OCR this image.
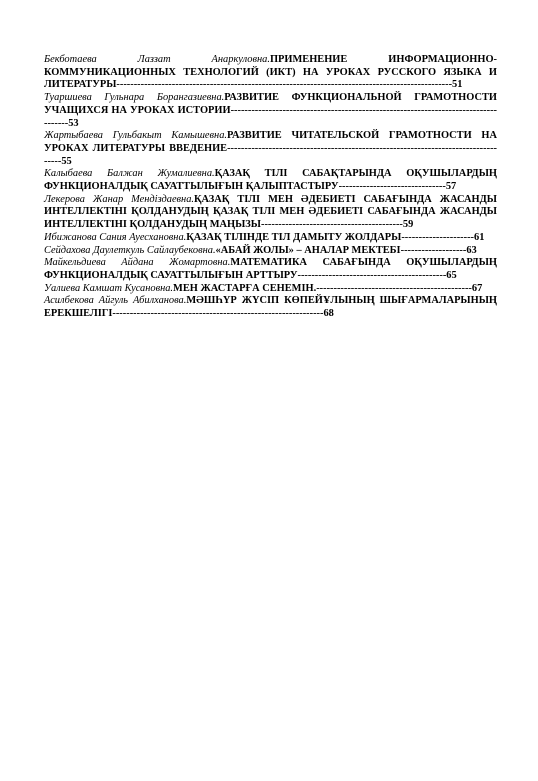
Бекботаева Лаззат Анаркуловна.ПРИМЕНЕНИЕ ИНФОРМАЦИОННО-КОММУНИКАЦИОННЫХ ТЕХНОЛОГИЙ (ИКТ) НА УРОКАХ РУССКОГО ЯЗЫКА И ЛИТЕРАТУРЫ-------------------------------------------------------------------------------------------------51

Туаршиева Гульнара Борангазиевна.РАЗВИТИЕ ФУНКЦИОНАЛЬНОЙ ГРАМОТНОСТИ УЧАЩИХСЯ НА УРОКАХ ИСТОРИИ------------------------------------------------------------------------------------53

Жартыбаева Гульбакыт Камышевна.РАЗВИТИЕ ЧИТАТЕЛЬСКОЙ ГРАМОТНОСТИ НА УРОКАХ ЛИТЕРАТУРЫ ВВЕДЕНИЕ-----------------------------------------------------------------------------------55

Калыбаева Балжан Жумалиевна.ҚАЗАҚ ТІЛІ САБАҚТАРЫНДА ОҚУШЫЛАРДЫҢ ФУНКЦИОНАЛДЫҚ САУАТТЫЛЫҒЫН ҚАЛЫПТАСТЫРУ-------------------------------57

Лекерова Жанар Мендiздаевна.ҚАЗАҚ ТІЛІ МЕН ӘДЕБИЕТІ САБАҒЫНДА ЖАСАНДЫ ИНТЕЛЛЕКТІНІ ҚОЛДАНУДЫҢ ҚАЗАҚ ТІЛІ МЕН ӘДЕБИЕТІ САБАҒЫНДА ЖАСАНДЫ ИНТЕЛЛЕКТІНІ ҚОЛДАНУДЫҢ МАҢЫЗЫ-----------------------------------------59

Ибижанова Сания Ауесхановна.ҚАЗАҚ ТІЛІНДЕ ТІЛ ДАМЫТУ ЖОЛДАРЫ---------------------61

Сейдахова Даулеткуль Сайлаубековна.«АБАЙ ЖОЛЫ» – АНАЛАР МЕКТЕБІ-------------------63

Майкельдиева Айдана Жомартовна.МАТЕМАТИКА САБАҒЫНДА ОҚУШЫЛАРДЫҢ ФУНКЦИОНАЛДЫҚ САУАТТЫЛЫҒЫН АРТТЫРУ-------------------------------------------65

Уалиева Камшат Кусановна.МЕН ЖАСТАРҒА СЕНЕМІН.---------------------------------------------67

Асилбекова Айгуль Абилханова.МӘШҺҮР ЖҮСІП КӨПЕЙҰЛЫНЫҢ ШЫҒАРМАЛАРЫНЫҢ ЕРЕКШЕЛІГІ-------------------------------------------------------------68
